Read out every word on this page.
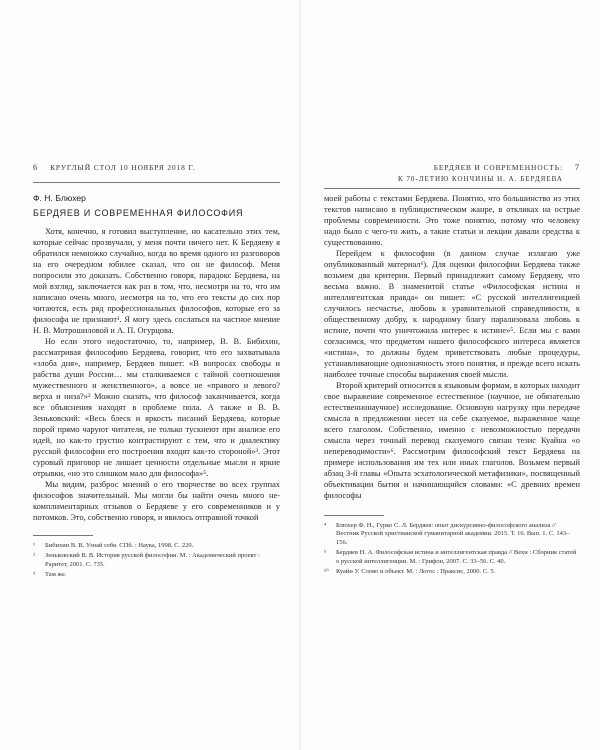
6 КРУГЛЫЙ СТОЛ 10 НОЯБРЯ 2018 Г.
Ф. Н. Блюхер
БЕРДЯЕВ И СОВРЕМЕННАЯ ФИЛОСОФИЯ

Хотя, конечно, я готовил выступление, но касательно этих тем, которые сейчас прозвучали, у меня почти ничего нет. К Бердяеву я обратился немножко случайно, когда во время одного из разговоров на его очередном юбилее сказал, что он не философ. Меня попросили это доказать. Собственно говоря, парадокс Бердяева, на мой взгляд, заключается как раз в том, что, несмотря на то, что им написано очень много, несмотря на то, что его тексты до сих пор читаются, есть ряд профессиональных философов, которые его за философа не признают¹. Я могу здесь сослаться на частное мнение Н. В. Мотрошиловой и А. П. Огурцова.

Но если этого недостаточно, то, например, В. В. Бибихин, рассматривая философию Бердяева, говорит, что его захватывала «злоба дня», например, Бердяев пишет: «В вопросах свободы и рабства души России… мы сталкиваемся с тайной соотношения мужественного и женственного», а вовсе не «правого и левого? верха и низа?»² Можно сказать, что философ заканчивается, когда все объяснения находят в проблеме пола. А также и В. В. Зеньковский: «Весь блеск и яркость писаний Бердяева, которые порой прямо чаруют читателя, не только тускнеют при анализе его идей, но как-то грустно контрастируют с тем, что и диалектику русской философии его построения входят как-то стороной»³. Этот суровый приговор не лишает ценности отдельные мысли и яркие отрывки, «но это слишком мало для философа»⁵.

Мы видим, разброс мнений о его творчестве во всех группах философов значительный. Мы могли бы найти очень много не-комплиментарных отзывов о Бердяеве у его современников и у потомков. Это, собственно говоря, и явилось отправной точкой

¹	Бибихин В. В. Узнай себя. СПб. : Наука, 1998. С. 220.
²	Зеньковский В. В. История русской философии. М. : Академический проект : Раритет, 2001. С. 735.
³	Там же.
БЕРДЯЕВ И СОВРЕМЕННОСТЬ:
К 70-ЛЕТИЮ КОНЧИНЫ Н. А. БЕРДЯЕВА
7

моей работы с текстами Бердяева. Понятно, что большинство из этих текстов написано в публицистическом жанре, в откликах на острые проблемы современности. Это тоже понятно, потому что человеку надо было с чего-то жить, а такие статьи и лекции давали средства к существованию.

Перейдем к философии (в данном случае излагаю уже опубликованный материал⁶). Для оценки философии Бердяева также возьмем два критерия. Первый принадлежит самому Бердяеву, что весьма важно. В знаменитой статье «Философская истина и интеллигентская правда» он пишет: «С русской интеллигенцией случилось несчастье, любовь к уравнительной справедливости, к общественному добру, к народному благу парализовала любовь к истине, почти что уничтожила интерес к истине»⁵. Если мы с вами согласимся, что предметом нашего философского интереса является «истина», то должны будем приветствовать любые процедуры, устанавливающие однозначность этого понятия, и прежде всего искать наиболее точные способы выражения своей мысли.

Второй критерий относится к языковым формам, в которых находит свое выражение современное естественное (научное, не обязательно естественнонаучное) исследование. Основную нагрузку при передаче смысла в предложении несет на себе сказуемое, выраженное чаще всего глаголом. Собственно, именно с невозможностью передачи смысла через точный перевод сказуемого связан тезис Куайна «о непереводимости»⁶. Рассмотрим философский текст Бердяева на примере использования им тех или иных глаголов. Возьмем первый абзац 3-й главы «Опыта эсхатологической метафизики», посвященный объективации бытия и начинающийся словами: «С древних времен философы

⁴	Блюхер Ф. Н., Гурко С. Л. Бердяев: опыт дискурсивно-философского анализа // Вестник Русской христианской гуманитарной академии. 2015. Т. 16. Вып. 1. С. 143–156.
⁵	Бердяев Н. А. Философская истина и интеллигентская правда // Вехи : Сборник статей о русской интеллигенции. М. : Грифон, 2007. С. 33–56. С. 40.
¹⁰	Куайн У. Слово и объект. М. : Логос : Праксис, 2000. С. 5.
